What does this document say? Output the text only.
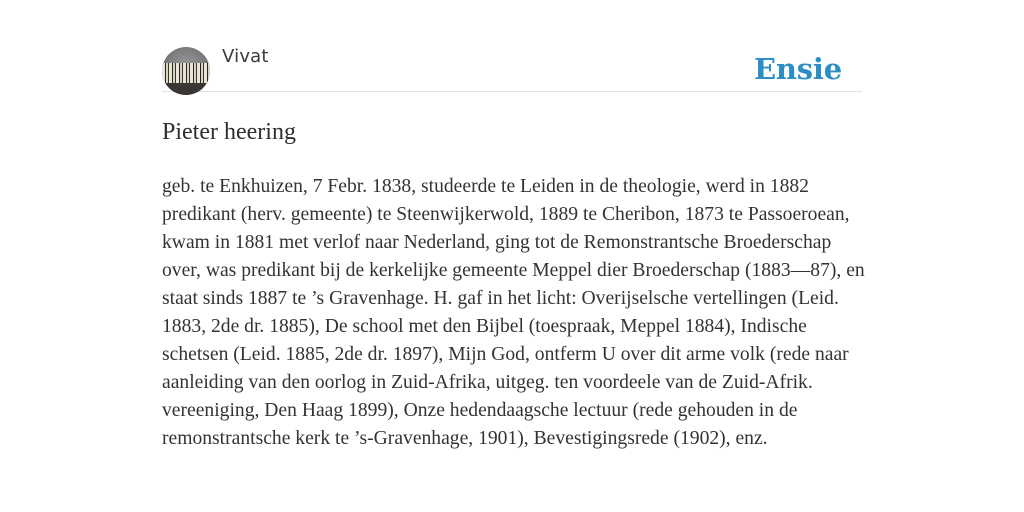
Vivat	Ensie
Pieter heering

geb. te Enkhuizen, 7 Febr. 1838, studeerde te Leiden in de theologie, werd in 1882 predikant (herv. gemeente) te Steenwijkerwold, 1889 te Cheribon, 1873 te Passoeroean, kwam in 1881 met verlof naar Nederland, ging tot de Remonstrantsche Broederschap over, was predikant bij de kerkelijke gemeente Meppel dier Broederschap (1883—87), en staat sinds 1887 te ’s Gravenhage. H. gaf in het licht: Overijselsche vertellingen (Leid. 1883, 2de dr. 1885), De school met den Bijbel (toespraak, Meppel 1884), Indische schetsen (Leid. 1885, 2de dr. 1897), Mijn God, ontferm U over dit arme volk (rede naar aanleiding van den oorlog in Zuid-Afrika, uitgeg. ten voordeele van de Zuid-Afrik. vereeniging, Den Haag 1899), Onze hedendaagsche lectuur (rede gehouden in de remonstrantsche kerk te ’s-Gravenhage, 1901), Bevestigingsrede (1902), enz.
